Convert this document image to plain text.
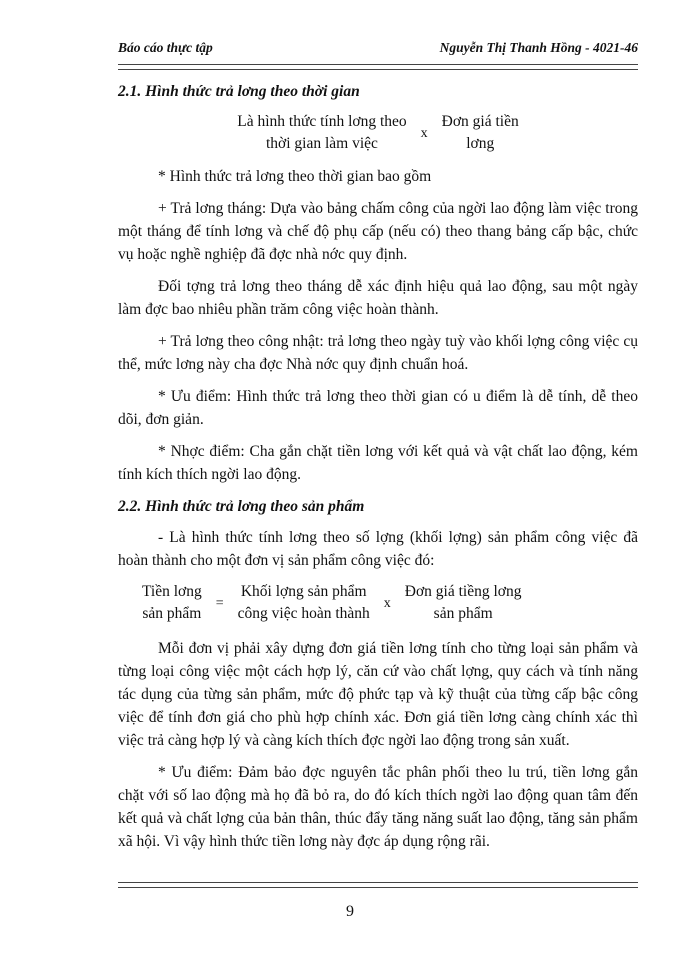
Báo cáo thực tập	Nguyễn Thị Thanh Hồng - 4021-46
2.1. Hình thức trả lơng theo thời gian
Là hình thức tính lơng theo
thời gian làm việc
x
Đơn giá tiền
lơng

* Hình thức trả lơng theo thời gian bao gồm

+ Trả lơng tháng: Dựa vào bảng chấm công của ngời lao động làm việc trong một tháng để tính lơng và chế độ phụ cấp (nếu có) theo thang bảng cấp bậc, chức vụ hoặc nghề nghiệp đã đợc nhà nớc quy định.

Đối tợng trả lơng theo tháng dễ xác định hiệu quả lao động, sau một ngày làm đợc bao nhiêu phần trăm công việc hoàn thành.

+ Trả lơng theo công nhật: trả lơng theo ngày tuỳ vào khối lợng công việc cụ thể, mức lơng này cha đợc Nhà nớc quy định chuẩn hoá.

* Ưu điểm: Hình thức trả lơng theo thời gian có u điểm là dễ tính, dễ theo dõi, đơn giản.

* Nhợc điểm: Cha gắn chặt tiền lơng với kết quả và vật chất lao động, kém tính kích thích ngời lao động.

2.2. Hình thức trả lơng theo sản phẩm

- Là hình thức tính lơng theo số lợng (khối lợng) sản phẩm công việc đã hoàn thành cho một đơn vị sản phẩm công việc đó:

Tiền lơng
sản phẩm
=
Khối lợng sản phẩm
công việc hoàn thành
x
Đơn giá tiềng lơng
sản phẩm

Mỗi đơn vị phải xây dựng đơn giá tiền lơng tính cho từng loại sản phẩm và từng loại công việc một cách hợp lý, căn cứ vào chất lợng, quy cách và tính năng tác dụng của từng sản phẩm, mức độ phức tạp và kỹ thuật của từng cấp bậc công việc để tính đơn giá cho phù hợp chính xác. Đơn giá tiền lơng càng chính xác thì việc trả càng hợp lý và càng kích thích đợc ngời lao động trong sản xuất.

* Ưu điểm: Đảm bảo đợc nguyên tắc phân phối theo lu trú, tiền lơng gắn chặt với số lao động mà họ đã bỏ ra, do đó kích thích ngời lao động quan tâm đến kết quả và chất lợng của bản thân, thúc đẩy tăng năng suất lao động, tăng sản phẩm xã hội. Vì vậy hình thức tiền lơng này đợc áp dụng rộng rãi.

9
